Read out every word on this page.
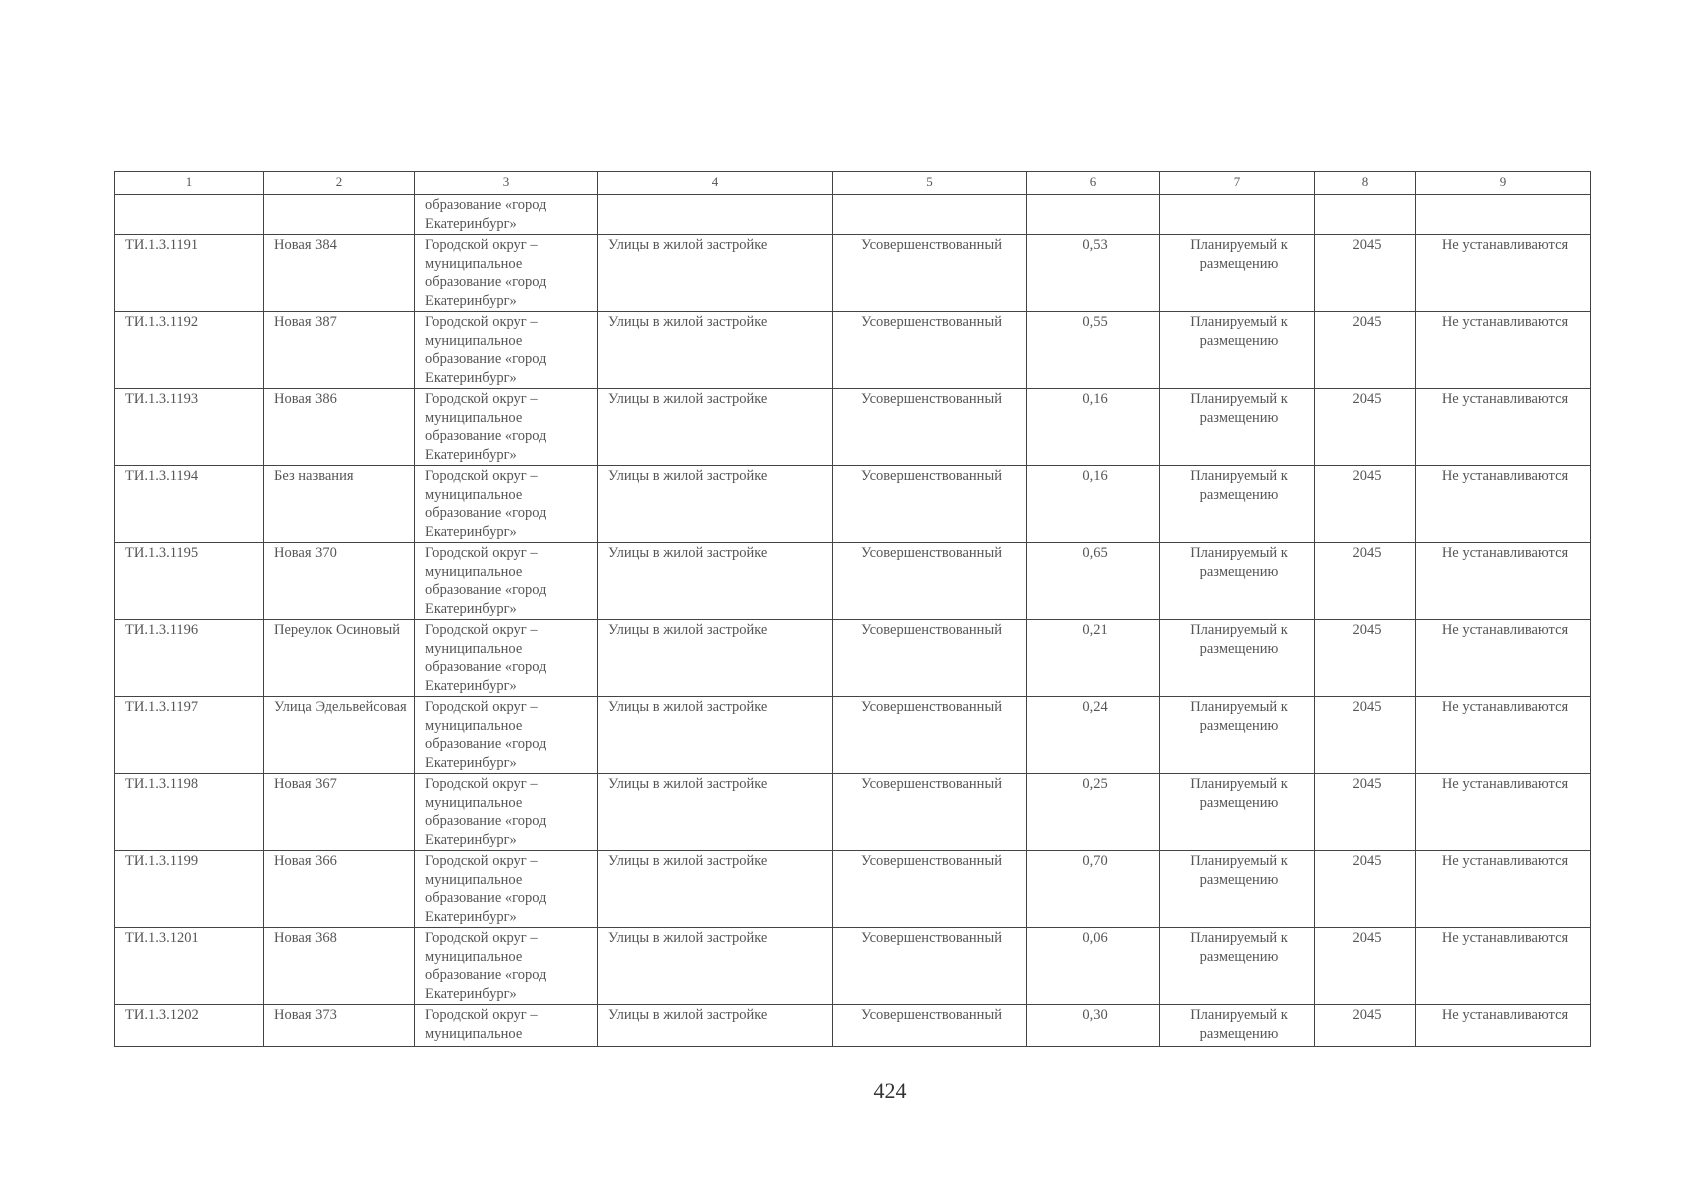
1	2	3	4	5	6	7	8	9
		образование «город Екатеринбург»						
ТИ.1.3.1191	Новая 384	Городской округ – муниципальное образование «город Екатеринбург»	Улицы в жилой застройке	Усовершенствованный	0,53	Планируемый к размещению	2045	Не устанавливаются
ТИ.1.3.1192	Новая 387	Городской округ – муниципальное образование «город Екатеринбург»	Улицы в жилой застройке	Усовершенствованный	0,55	Планируемый к размещению	2045	Не устанавливаются
ТИ.1.3.1193	Новая 386	Городской округ – муниципальное образование «город Екатеринбург»	Улицы в жилой застройке	Усовершенствованный	0,16	Планируемый к размещению	2045	Не устанавливаются
ТИ.1.3.1194	Без названия	Городской округ – муниципальное образование «город Екатеринбург»	Улицы в жилой застройке	Усовершенствованный	0,16	Планируемый к размещению	2045	Не устанавливаются
ТИ.1.3.1195	Новая 370	Городской округ – муниципальное образование «город Екатеринбург»	Улицы в жилой застройке	Усовершенствованный	0,65	Планируемый к размещению	2045	Не устанавливаются
ТИ.1.3.1196	Переулок Осиновый	Городской округ – муниципальное образование «город Екатеринбург»	Улицы в жилой застройке	Усовершенствованный	0,21	Планируемый к размещению	2045	Не устанавливаются
ТИ.1.3.1197	Улица Эдельвейсовая	Городской округ – муниципальное образование «город Екатеринбург»	Улицы в жилой застройке	Усовершенствованный	0,24	Планируемый к размещению	2045	Не устанавливаются
ТИ.1.3.1198	Новая 367	Городской округ – муниципальное образование «город Екатеринбург»	Улицы в жилой застройке	Усовершенствованный	0,25	Планируемый к размещению	2045	Не устанавливаются
ТИ.1.3.1199	Новая 366	Городской округ – муниципальное образование «город Екатеринбург»	Улицы в жилой застройке	Усовершенствованный	0,70	Планируемый к размещению	2045	Не устанавливаются
ТИ.1.3.1201	Новая 368	Городской округ – муниципальное образование «город Екатеринбург»	Улицы в жилой застройке	Усовершенствованный	0,06	Планируемый к размещению	2045	Не устанавливаются
ТИ.1.3.1202	Новая 373	Городской округ – муниципальное	Улицы в жилой застройке	Усовершенствованный	0,30	Планируемый к размещению	2045	Не устанавливаются
424
